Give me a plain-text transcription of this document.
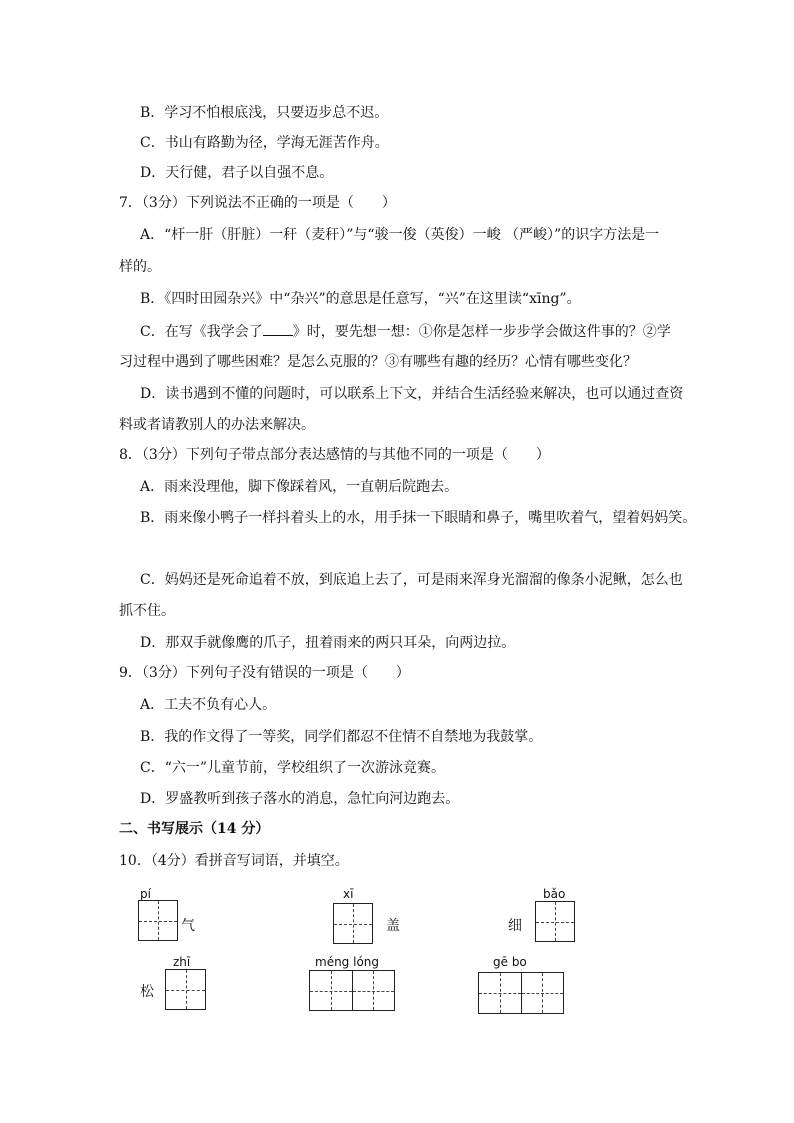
B．学习不怕根底浅，只要迈步总不迟。
C．书山有路勤为径，学海无涯苦作舟。
D．天行健，君子以自强不息。
7．（3分）下列说法不正确的一项是（　　）
A．“杆一肝（肝脏）一秆（麦秆）”与“骏一俊（英俊）一峻 （严峻）”的识字方法是一
样的。
B．《四时田园杂兴》中“杂兴”的意思是任意写，“兴”在这里读“xīng”。
C．在写《我学会了 》时，要先想一想：①你是怎样一步步学会做这件事的？②学
习过程中遇到了哪些困难？是怎么克服的？③有哪些有趣的经历？心情有哪些变化？
D．读书遇到不懂的问题时，可以联系上下文，并结合生活经验来解决，也可以通过查资
料或者请教别人的办法来解决。
8．（3分）下列句子带点部分表达感情的与其他不同的一项是（　　）
A．雨来没理他，脚下像踩着风，一直朝后院跑去。
B．雨来像小鸭子一样抖着头上的水，用手抹一下眼睛和鼻子，嘴里吹着气，望着妈妈笑。
C．妈妈还是死命追着不放，到底追上去了，可是雨来浑身光溜溜的像条小泥鳅，怎么也
抓不住。
D．那双手就像鹰的爪子，扭着雨来的两只耳朵，向两边拉。
9．（3分）下列句子没有错误的一项是（　　）
A．工夫不负有心人。
B．我的作文得了一等奖，同学们都忍不住情不自禁地为我鼓掌。
C．“六一”儿童节前，学校组织了一次游泳竞赛。
D．罗盛教听到孩子落水的消息，急忙向河边跑去。
二、书写展示（14 分）
10．（4分）看拼音写词语，并填空。
pí
气
xī
盖	细
bǎo
松
zhī	méng lóng	gē bo
